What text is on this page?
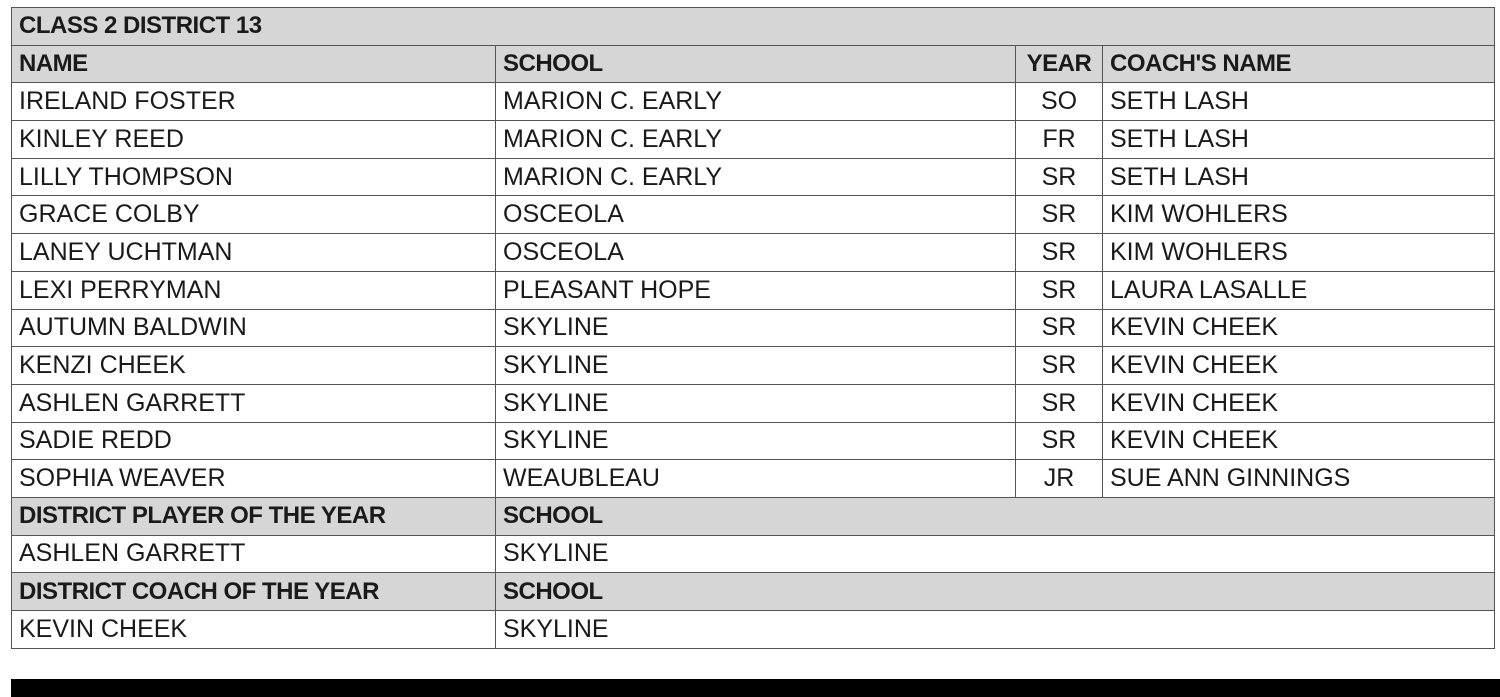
CLASS 2 DISTRICT 13			
NAME	SCHOOL	YEAR	COACH'S NAME
IRELAND FOSTER	MARION C. EARLY	SO	SETH LASH
KINLEY REED	MARION C. EARLY	FR	SETH LASH
LILLY THOMPSON	MARION C. EARLY	SR	SETH LASH
GRACE COLBY	OSCEOLA	SR	KIM WOHLERS
LANEY UCHTMAN	OSCEOLA	SR	KIM WOHLERS
LEXI PERRYMAN	PLEASANT HOPE	SR	LAURA LASALLE
AUTUMN BALDWIN	SKYLINE	SR	KEVIN CHEEK
KENZI CHEEK	SKYLINE	SR	KEVIN CHEEK
ASHLEN GARRETT	SKYLINE	SR	KEVIN CHEEK
SADIE REDD	SKYLINE	SR	KEVIN CHEEK
SOPHIA WEAVER	WEAUBLEAU	JR	SUE ANN GINNINGS
DISTRICT PLAYER OF THE YEAR	SCHOOL		
ASHLEN GARRETT	SKYLINE		
DISTRICT COACH OF THE YEAR	SCHOOL		
KEVIN CHEEK	SKYLINE		
